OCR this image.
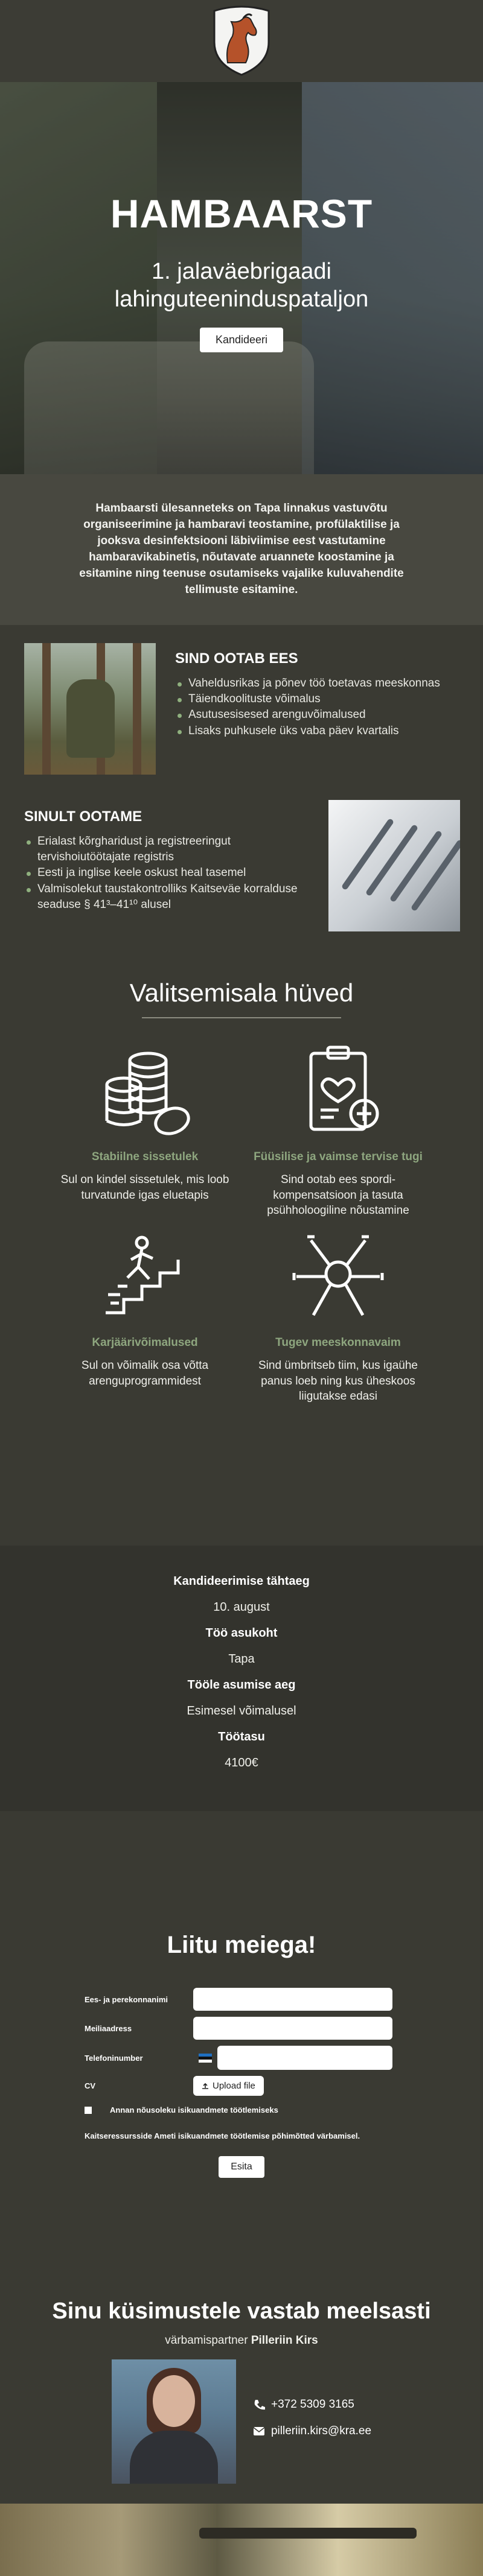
HAMBAARST
1. jalaväebrigaadi lahinguteeninduspataljon
Kandideeri

Hambaarsti ülesanneteks on Tapa linnakus vastuvõtu organiseerimine ja hambaravi teostamine, profülaktilise ja jooksva desinfektsiooni läbiviimise eest vastutamine hambaravikabinetis, nõutavate aruannete koostamine ja esitamine ning teenuse osutamiseks vajalike kuluvahendite tellimuste esitamine.

SIND OOTAB EES
Vaheldusrikas ja põnev töö toetavas meeskonnas
Täiendkoolituste võimalus
Asutusesisesed arenguvõimalused
Lisaks puhkusele üks vaba päev kvartalis
SINULT OOTAME
Erialast kõrgharidust ja registreeringut tervishoiutöötajate registris
Eesti ja inglise keele oskust heal tasemel
Valmisolekut taustakontrolliks Kaitseväe korralduse seaduse § 41³–41¹⁰ alusel
Valitsemisala hüved
Stabiilne sissetulek
Sul on kindel sissetulek, mis loob turvatunde igas eluetapis
Füüsilise ja vaimse tervise tugi
Sind ootab ees spordi-kompensatsioon ja tasuta psühholoogiline nõustamine
Karjäärivõimalused
Sul on võimalik osa võtta arenguprogrammidest
Tugev meeskonnavaim
Sind ümbritseb tiim, kus igaühe panus loeb ning kus üheskoos liigutakse edasi
Kandideerimise tähtaeg
10. august
Töö asukoht
Tapa
Tööle asumise aeg
Esimesel võimalusel
Töötasu
4100€
Liitu meiega!
Ees- ja perekonnanimi
Meiliaadress
Telefoninumber
CV	Upload file
Annan nõusoleku isikuandmete töötlemiseks
Kaitseressursside Ameti isikuandmete töötlemise põhimõtted värbamisel.
Esita
Sinu küsimustele vastab meelsasti
värbamispartner Pilleriin Kirs
+372 5309 3165
pilleriin.kirs@kra.ee
